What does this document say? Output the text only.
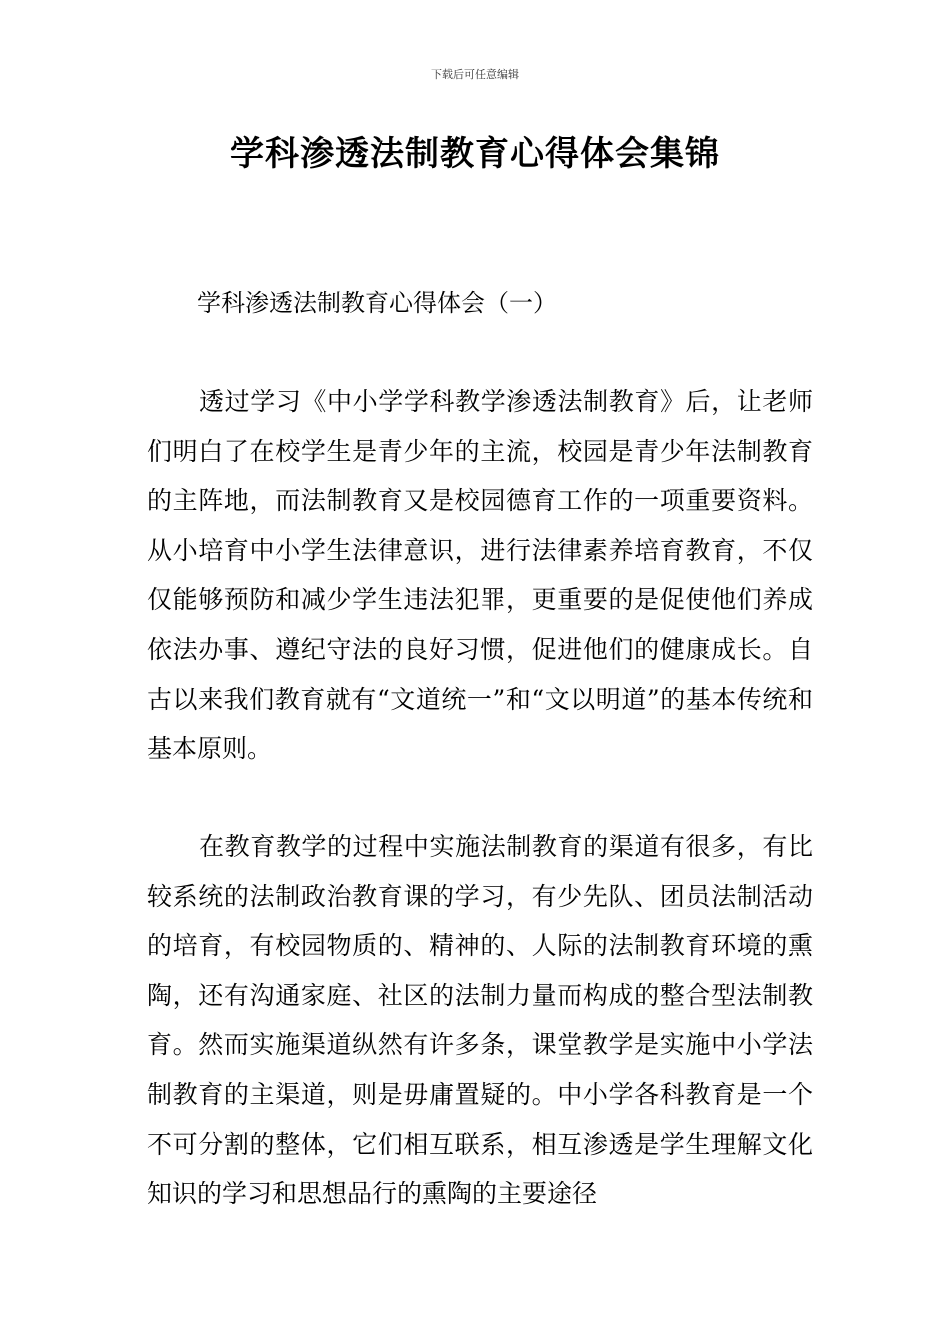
下载后可任意编辑
学科渗透法制教育心得体会集锦
学科渗透法制教育心得体会（一）

透过学习《中小学学科教学渗透法制教育》后，让老师们明白了在校学生是青少年的主流，校园是青少年法制教育的主阵地，而法制教育又是校园德育工作的一项重要资料。从小培育中小学生法律意识，进行法律素养培育教育，不仅仅能够预防和减少学生违法犯罪，更重要的是促使他们养成依法办事、遵纪守法的良好习惯，促进他们的健康成长。自古以来我们教育就有“文道统一”和“文以明道”的基本传统和基本原则。

在教育教学的过程中实施法制教育的渠道有很多，有比较系统的法制政治教育课的学习，有少先队、团员法制活动的培育，有校园物质的、精神的、人际的法制教育环境的熏陶，还有沟通家庭、社区的法制力量而构成的整合型法制教育。然而实施渠道纵然有许多条，课堂教学是实施中小学法制教育的主渠道，则是毋庸置疑的。中小学各科教育是一个不可分割的整体，它们相互联系，相互渗透是学生理解文化知识的学习和思想品行的熏陶的主要途径
